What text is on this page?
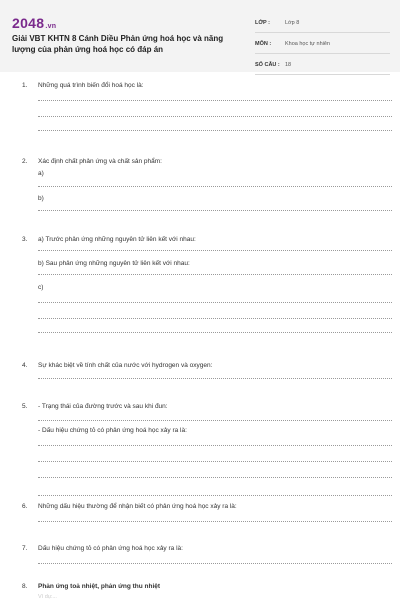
2048.vn
Giải VBT KHTN 8 Cánh Diều Phản ứng hoá học và năng lượng của phản ứng hoá học có đáp án
LỚP :	Lớp 8
MÔN :	Khoa học tự nhiên
SỐ CÂU : 18
1. Những quá trình biến đổi hoá học là:
2. Xác định chất phản ứng và chất sản phẩm:
a)
b)
3. a) Trước phản ứng những nguyên tử liên kết với nhau:
b) Sau phản ứng những nguyên tử liên kết với nhau:
c)
4. Sự khác biệt về tính chất của nước với hydrogen và oxygen:
5. - Trạng thái của đường trước và sau khi đun:
- Dấu hiệu chứng tỏ có phản ứng hoá học xảy ra là:
6. Những dấu hiệu thường để nhận biết có phản ứng hoá học xảy ra là:
7. Dấu hiệu chứng tỏ có phản ứng hoá học xảy ra là:
8. Phản ứng toả nhiệt, phản ứng thu nhiệt
Ví dụ:...
